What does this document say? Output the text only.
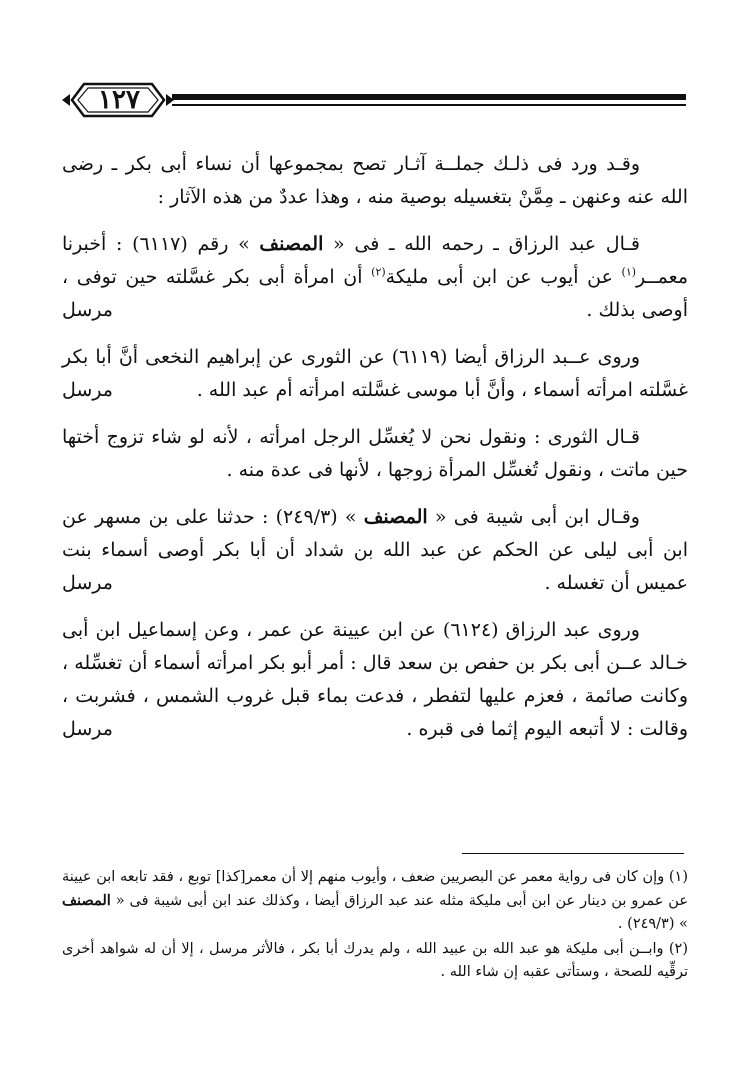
١٢٧

وقـد ورد فى ذلـك جملــة آثـار تصح بمجموعها أن نساء أبى بكر ـ رضى الله عنه وعنهن ـ مِمَّنْ بتغسيله بوصية منه ، وهذا عددٌ من هذه الآثار :

قـال عبد الرزاق ـ رحمه الله ـ فى « المصنف » رقم (٦١١٧) : أخبرنا معمــر$^{(١)}$ عن أيوب عن ابن أبى مليكة$^{(٢)}$ أن امرأة أبى بكر غسَّلته حين توفى ، أوصى بذلك .
مرسل

وروى عــبد الرزاق أيضا (٦١١٩) عن الثورى عن إبراهيم النخعى أنَّ أبا بكر غسَّلته امرأته أسماء ، وأنَّ أبا موسى غسَّلته امرأته أم عبد الله .
مرسل

قـال الثورى : ونقول نحن لا يُغسِّل الرجل امرأته ، لأنه لو شاء تزوج أختها حين ماتت ، ونقول تُغسِّل المرأة زوجها ، لأنها فى عدة منه .

وقـال ابن أبى شيبة فى « المصنف » (٢٤٩/٣) : حدثنا على بن مسهر عن ابن أبى ليلى عن الحكم عن عبد الله بن شداد أن أبا بكر أوصى أسماء بنت عميس أن تغسله .
مرسل

وروى عبد الرزاق (٦١٢٤) عن ابن عيينة عن عمر ، وعن إسماعيل ابن أبى خـالد عــن أبى بكر بن حفص بن سعد قال : أمر أبو بكر امرأته أسماء أن تغسِّله ، وكانت صائمة ، فعزم عليها لتفطر ، فدعت بماء قبل غروب الشمس ، فشربت ، وقالت : لا أتبعه اليوم إثما فى قبره .
مرسل

(١) وإن كان فى رواية معمر عن البصريين ضعف ، وأيوب منهم إلا أن معمر[كذا] توبع ، فقد تابعه ابن عيينة عن عمرو بن دينار عن ابن أبى مليكة مثله عند عبد الرزاق أيضا ، وكذلك عند ابن أبى شيبة فى « المصنف » (٢٤٩/٣) .

(٢) وابــن أبى مليكة هو عبد الله بن عبيد الله ، ولم يدرك أبا بكر ، فالأثر مرسل ، إلا أن له شواهد أخرى ترقِّيه للصحة ، وستأتى عقبه إن شاء الله .
